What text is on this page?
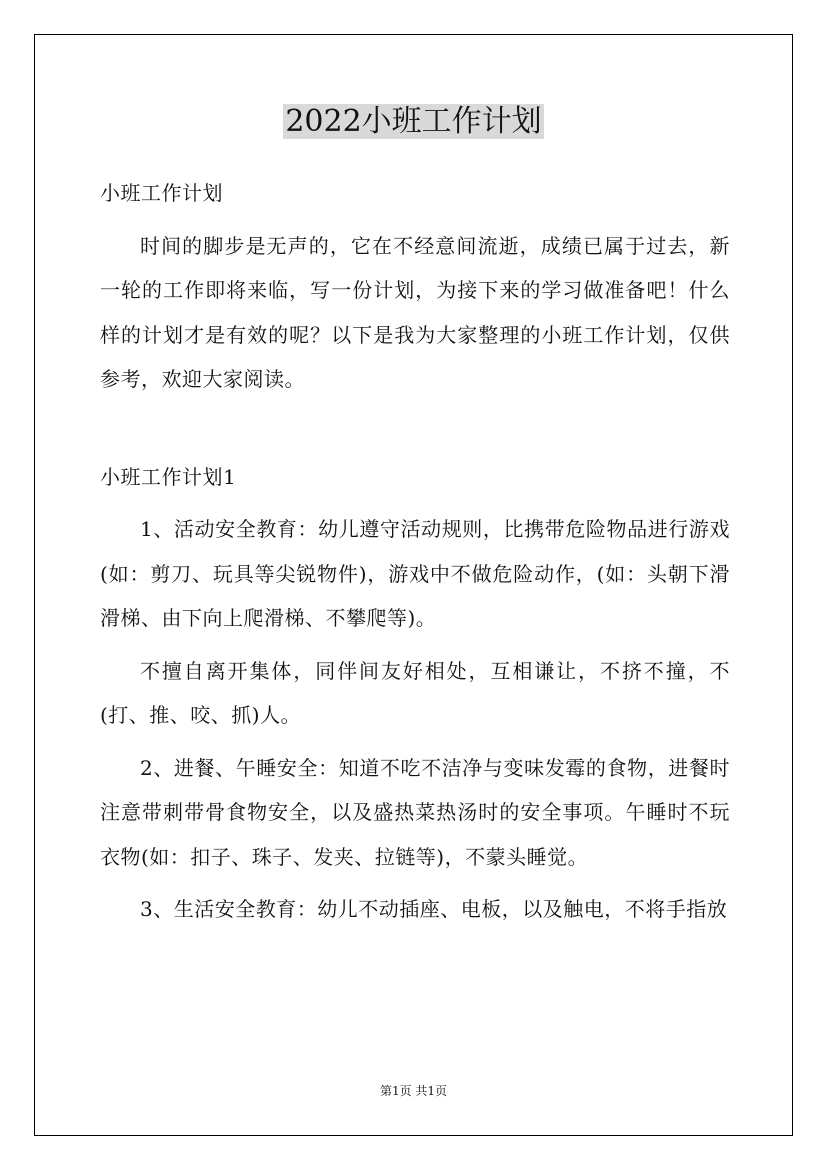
2022小班工作计划

小班工作计划

时间的脚步是无声的，它在不经意间流逝，成绩已属于过去，新一轮的工作即将来临，写一份计划，为接下来的学习做准备吧！什么样的计划才是有效的呢？以下是我为大家整理的小班工作计划，仅供参考，欢迎大家阅读。

小班工作计划1

1、活动安全教育：幼儿遵守活动规则，比携带危险物品进行游戏(如：剪刀、玩具等尖锐物件)，游戏中不做危险动作，(如：头朝下滑滑梯、由下向上爬滑梯、不攀爬等)。

不擅自离开集体，同伴间友好相处，互相谦让，不挤不撞，不(打、推、咬、抓)人。

2、进餐、午睡安全：知道不吃不洁净与变味发霉的食物，进餐时注意带刺带骨食物安全，以及盛热菜热汤时的安全事项。午睡时不玩衣物(如：扣子、珠子、发夹、拉链等)，不蒙头睡觉。

3、生活安全教育：幼儿不动插座、电板，以及触电，不将手指放

第1页 共1页
